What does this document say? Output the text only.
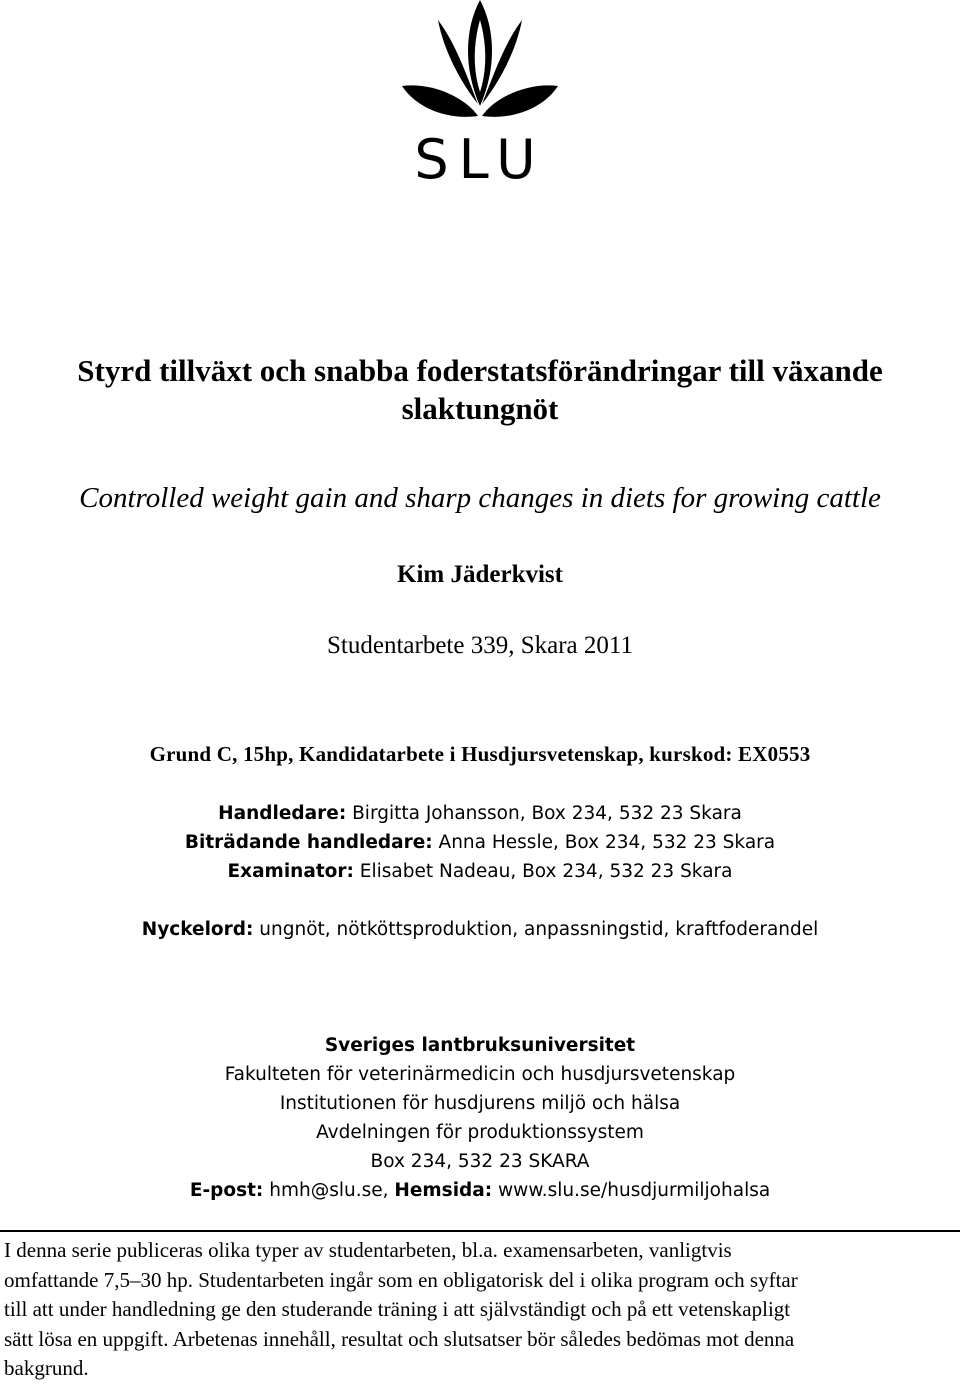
SLU
Styrd tillväxt och snabba foderstatsförändringar till växande
slaktungnöt
Controlled weight gain and sharp changes in diets for growing cattle
Kim Jäderkvist
Studentarbete 339, Skara 2011
Grund C, 15hp, Kandidatarbete i Husdjursvetenskap, kurskod: EX0553
Handledare: Birgitta Johansson, Box 234, 532 23 Skara
Biträdande handledare: Anna Hessle, Box 234, 532 23 Skara
Examinator: Elisabet Nadeau, Box 234, 532 23 Skara
Nyckelord: ungnöt, nötköttsproduktion, anpassningstid, kraftfoderandel
Sveriges lantbruksuniversitet
Fakulteten för veterinärmedicin och husdjursvetenskap
Institutionen för husdjurens miljö och hälsa
Avdelningen för produktionssystem
Box 234, 532 23 SKARA
E-post: hmh@slu.se, Hemsida: www.slu.se/husdjurmiljohalsa
I denna serie publiceras olika typer av studentarbeten, bl.a. examensarbeten, vanligtvis
omfattande 7,5–30 hp. Studentarbeten ingår som en obligatorisk del i olika program och syftar
till att under handledning ge den studerande träning i att självständigt och på ett vetenskapligt
sätt lösa en uppgift. Arbetenas innehåll, resultat och slutsatser bör således bedömas mot denna
bakgrund.
